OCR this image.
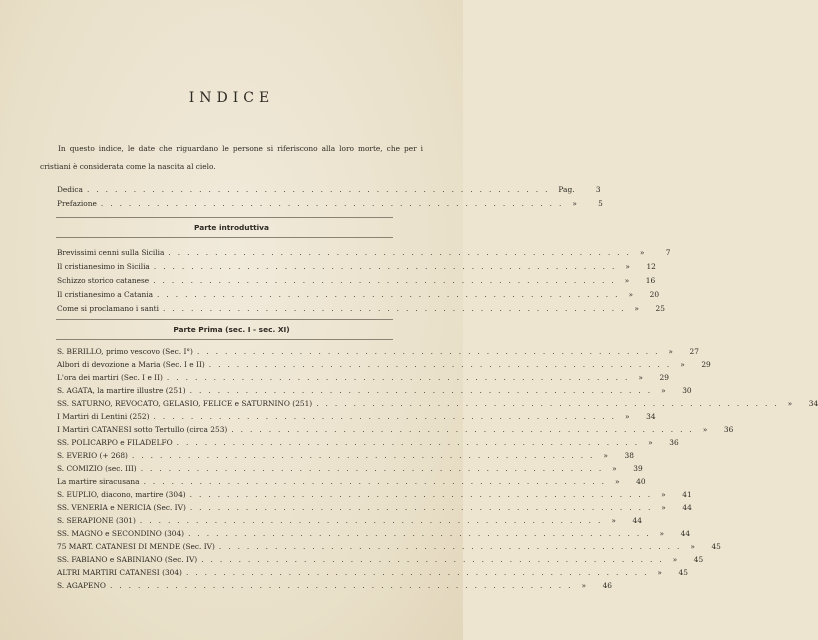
INDICE
In questo indice, le date che riguardano le persone si riferiscono alla loro morte, che per i cristiani è considerata come la nascita al cielo.
Dedica .................................................. Pag.	3
Prefazione .................................................. »	5
Parte introduttiva
Brevissimi cenni sulla Sicilia .................................................. »	7
Il cristianesimo in Sicilia .................................................. »	12
Schizzo storico catanese .................................................. »	16
Il cristianesimo a Catania .................................................. »	20
Come si proclamano i santi .................................................. »	25
Parte Prima (sec. I - sec. XI)
S. BERILLO, primo vescovo (Sec. I°) .................................................. »	27
Albori di devozione a Maria (Sec. I e II) .................................................. »	29
L'ora dei martiri (Sec. I e II) .................................................. »	29
S. AGATA, la martire illustre (251) .................................................. »	30
SS. SATURNO, REVOCATO, GELASIO, FELICE e SATURNINO (251) .................................................. »	34
I Martiri di Lentini (252) .................................................. »	34
I Martiri CATANESI sotto Tertullo (circa 253) .................................................. »	36
SS. POLICARPO e FILADELFO .................................................. »	36
S. EVERIO (+ 268) .................................................. »	38
S. COMIZIO (sec. III) .................................................. »	39
La martire siracusana .................................................. »	40
S. EUPLIO, diacono, martire (304) .................................................. »	41
SS. VENERIA e NERICIA (Sec. IV) .................................................. »	44
S. SERAPIONE (301) .................................................. »	44
SS. MAGNO e SECONDINO (304) .................................................. »	44
75 MART. CATANESI DI MENDE (Sec. IV) .................................................. »	45
SS. FABIANO e SABINIANO (Sec. IV) .................................................. »	45
ALTRI MARTIRI CATANESI (304) .................................................. »	45
S. AGAPENO .................................................. »	46
